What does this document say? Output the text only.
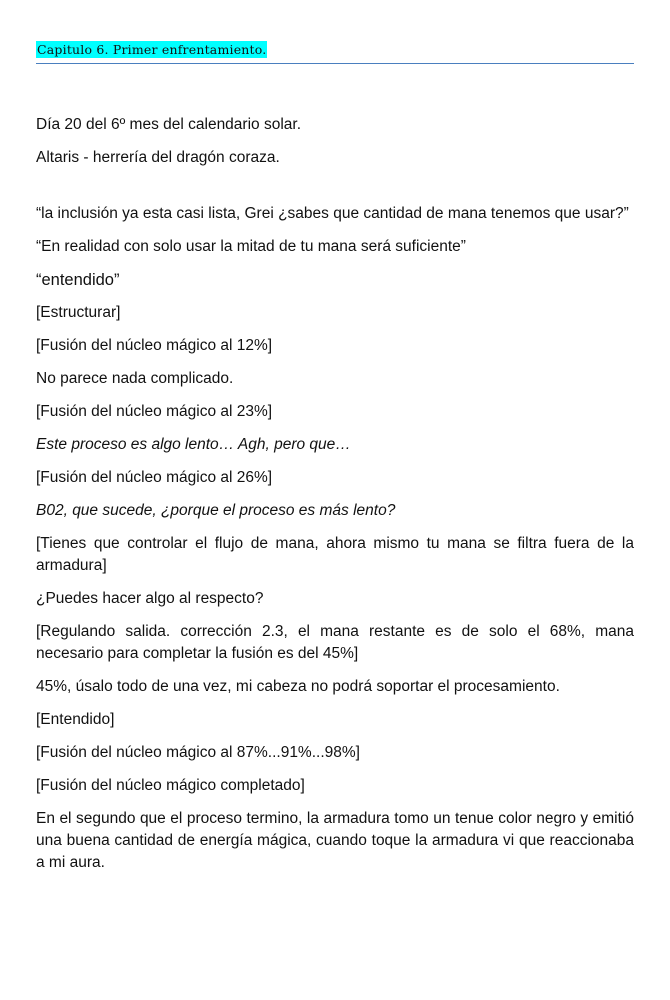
Capitulo 6. Primer enfrentamiento.

Día 20 del 6º mes del calendario solar.

Altaris - herrería del dragón coraza.

“la inclusión ya esta casi lista, Grei ¿sabes que cantidad de mana tenemos que usar?”

“En realidad con solo usar la mitad de tu mana será suficiente”

“entendido”

[Estructurar]

[Fusión del núcleo mágico al 12%]

No parece nada complicado.

[Fusión del núcleo mágico al 23%]

Este proceso es algo lento… Agh, pero que…

[Fusión del núcleo mágico al 26%]

B02, que sucede, ¿porque el proceso es más lento?

[Tienes que controlar el flujo de mana, ahora mismo tu mana se filtra fuera de la armadura]

¿Puedes hacer algo al respecto?

[Regulando salida. corrección 2.3, el mana restante es de solo el 68%, mana necesario para completar la fusión es del 45%]

45%, úsalo todo de una vez, mi cabeza no podrá soportar el procesamiento.

[Entendido]

[Fusión del núcleo mágico al 87%...91%...98%]

[Fusión del núcleo mágico completado]

En el segundo que el proceso termino, la armadura tomo un tenue color negro y emitió una buena cantidad de energía mágica, cuando toque la armadura vi que reaccionaba a mi aura.
